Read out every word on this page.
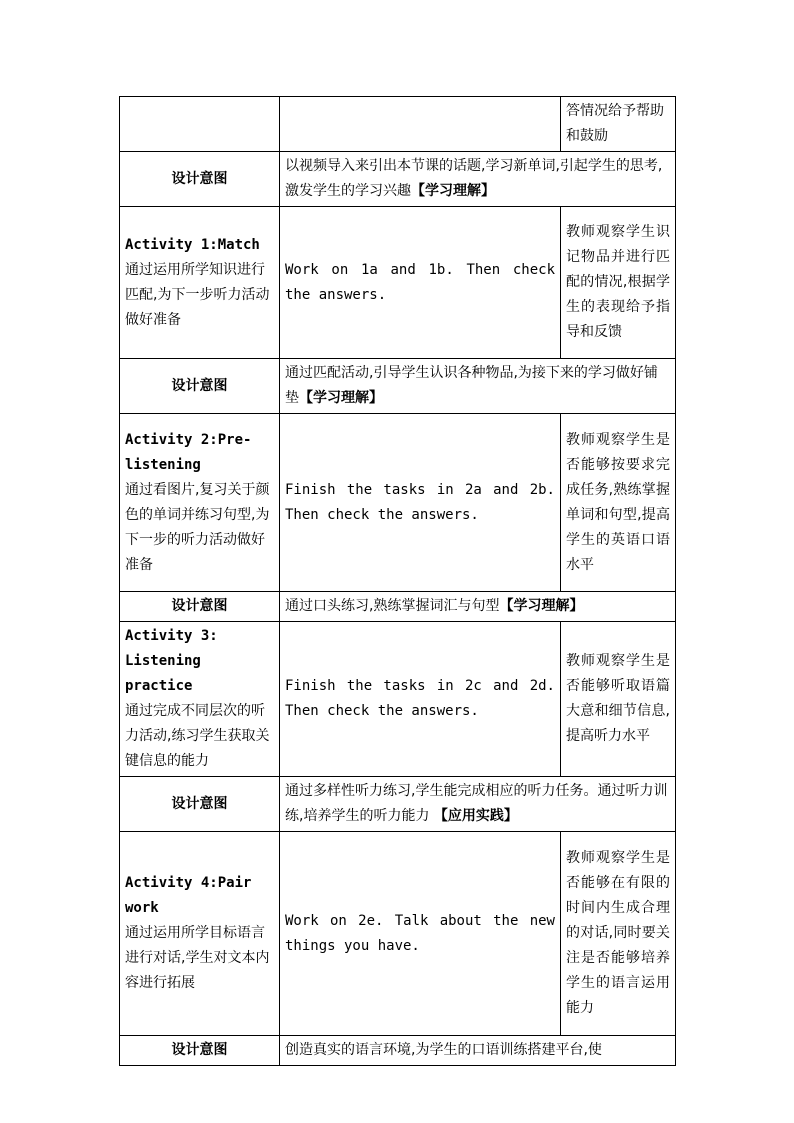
		答情况给予帮助和鼓励
设计意图	以视频导入来引出本节课的话题,学习新单词,引起学生的思考,激发学生的学习兴趣【学习理解】	

Activity 1:Match
通过运用所学知识进行匹配,为下一步听力活动做好准备	Work on 1a and 1b. Then check the answers.	教师观察学生识记物品并进行匹配的情况,根据学生的表现给予指导和反馈
设计意图	通过匹配活动,引导学生认识各种物品,为接下来的学习做好铺垫【学习理解】	

Activity 2:Pre-listening
通过看图片,复习关于颜色的单词并练习句型,为下一步的听力活动做好准备	Finish the tasks in 2a and 2b. Then check the answers.	教师观察学生是否能够按要求完成任务,熟练掌握单词和句型,提高学生的英语口语水平
设计意图	通过口头练习,熟练掌握词汇与句型【学习理解】	

Activity 3: Listening practice
通过完成不同层次的听力活动,练习学生获取关键信息的能力	Finish the tasks in 2c and 2d. Then check the answers.	教师观察学生是否能够听取语篇大意和细节信息,提高听力水平
设计意图	通过多样性听力练习,学生能完成相应的听力任务。通过听力训练,培养学生的听力能力 【应用实践】	

Activity 4:Pair work
通过运用所学目标语言进行对话,学生对文本内容进行拓展	Work on 2e. Talk about the new things you have.	教师观察学生是否能够在有限的时间内生成合理的对话,同时要关注是否能够培养学生的语言运用能力
设计意图	创造真实的语言环境,为学生的口语训练搭建平台,使	
